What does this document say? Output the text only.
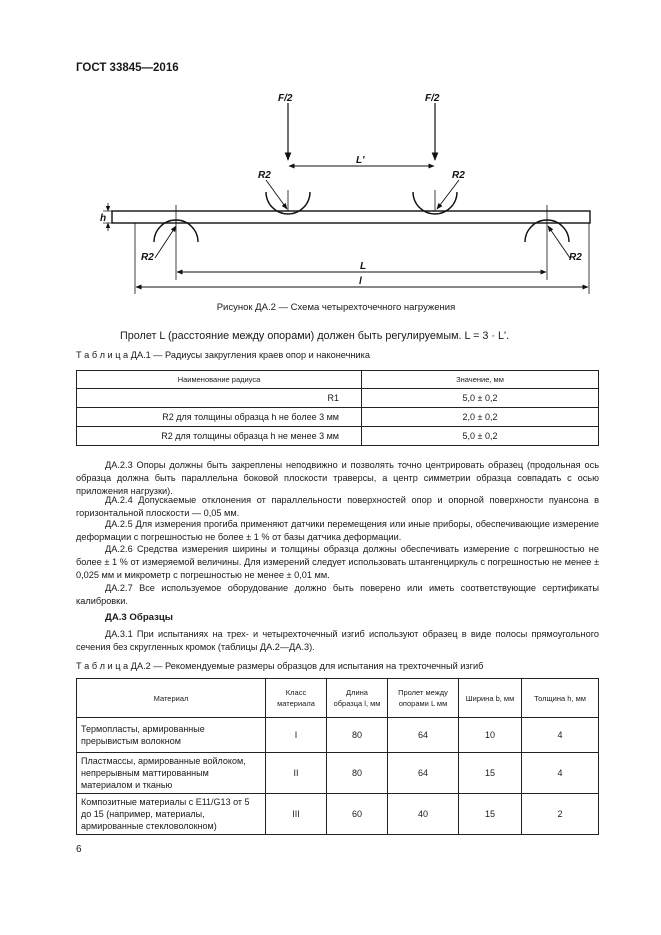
ГОСТ 33845—2016
F/2	F/2
L'
R2	R2
R2	R2
h
L
l
Рисунок ДА.2 — Схема четырехточечного нагружения
Пролет L (расстояние между опорами) должен быть регулируемым. L = 3 · L'.
Т а б л и ц а ДА.1 — Радиусы закругления краев опор и наконечника
Наименование радиуса	Значение, мм
R1	5,0 ± 0,2
R2 для толщины образца h не более 3 мм	2,0 ± 0,2
R2 для толщины образца h не менее 3 мм	5,0 ± 0,2
ДА.2.3 Опоры должны быть закреплены неподвижно и позволять точно центрировать образец (продольная ось образца должна быть параллельна боковой плоскости траверсы, а центр симметрии образца совпадать с осью приложения нагрузки).
ДА.2.4 Допускаемые отклонения от параллельности поверхностей опор и опорной поверхности пуансона в горизонтальной плоскости — 0,05 мм.
ДА.2.5 Для измерения прогиба применяют датчики перемещения или иные приборы, обеспечивающие измерение деформации с погрешностью не более ± 1 % от базы датчика деформации.
ДА.2.6 Средства измерения ширины и толщины образца должны обеспечивать измерение с погрешностью не более ± 1 % от измеряемой величины. Для измерений следует использовать штангенциркуль с погрешностью не менее ± 0,025 мм и микрометр с погрешностью не менее ± 0,01 мм.
ДА.2.7 Все используемое оборудование должно быть поверено или иметь соответствующие сертификаты калибровки.
ДА.3 Образцы
ДА.3.1 При испытаниях на трех- и четырехточечный изгиб используют образец в виде полосы прямоугольного сечения без скругленных кромок (таблицы ДА.2—ДА.3).
Т а б л и ц а ДА.2 — Рекомендуемые размеры образцов для испытания на трехточечный изгиб
Материал	Класс материала	Длина образца l, мм	Пролет между опорами L мм	Ширина b, мм	Толщина h, мм
Термопласты, армированные прерывистым волокном	I	80	64	10	4
Пластмассы, армированные войлоком, непрерывным маттированным материалом и тканью	II	80	64	15	4
Композитные материалы с E11/G13 от 5 до 15 (например, материалы, армированные стекловолокном)	III	60	40	15	2
6
